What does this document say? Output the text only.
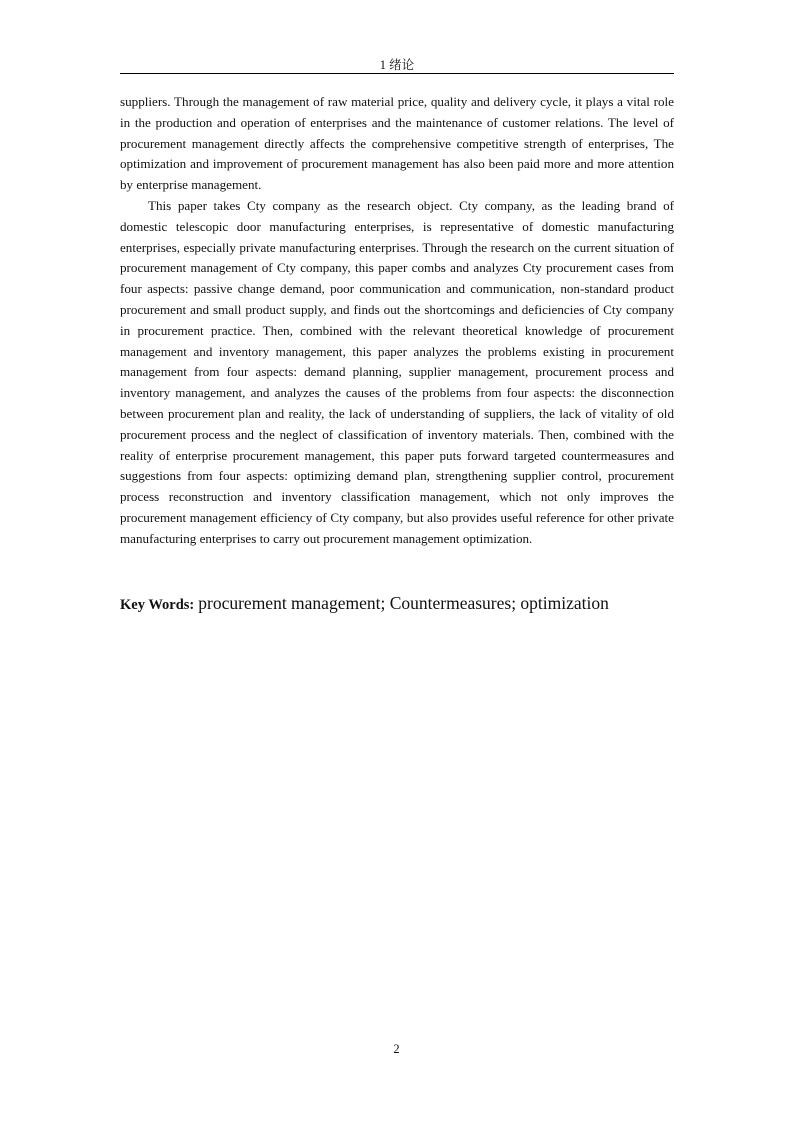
1 绪论

suppliers. Through the management of raw material price, quality and delivery cycle, it plays a vital role in the production and operation of enterprises and the maintenance of customer relations. The level of procurement management directly affects the comprehensive competitive strength of enterprises, The optimization and improvement of procurement management has also been paid more and more attention by enterprise management.

This paper takes Cty company as the research object. Cty company, as the leading brand of domestic telescopic door manufacturing enterprises, is representative of domestic manufacturing enterprises, especially private manufacturing enterprises. Through the research on the current situation of procurement management of Cty company, this paper combs and analyzes Cty procurement cases from four aspects: passive change demand, poor communication and communication, non-standard product procurement and small product supply, and finds out the shortcomings and deficiencies of Cty company in procurement practice. Then, combined with the relevant theoretical knowledge of procurement management and inventory management, this paper analyzes the problems existing in procurement management from four aspects: demand planning, supplier management, procurement process and inventory management, and analyzes the causes of the problems from four aspects: the disconnection between procurement plan and reality, the lack of understanding of suppliers, the lack of vitality of old procurement process and the neglect of classification of inventory materials. Then, combined with the reality of enterprise procurement management, this paper puts forward targeted countermeasures and suggestions from four aspects: optimizing demand plan, strengthening supplier control, procurement process reconstruction and inventory classification management, which not only improves the procurement management efficiency of Cty company, but also provides useful reference for other private manufacturing enterprises to carry out procurement management optimization.

Key Words: procurement management; Countermeasures; optimization
2
